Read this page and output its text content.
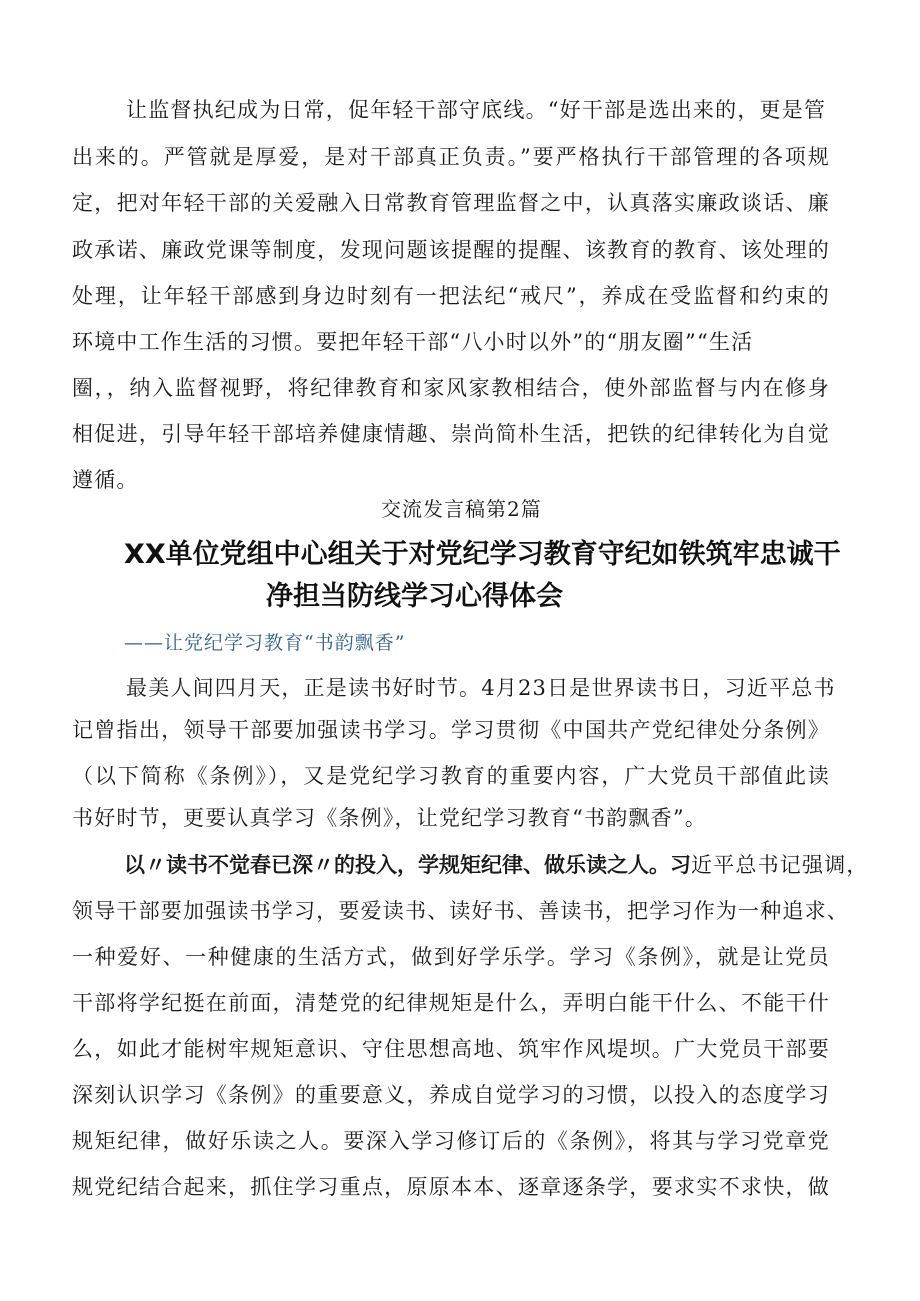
让监督执纪成为日常，促年轻干部守底线。“好干部是选出来的，更是管
出来的。严管就是厚爱，是对干部真正负责。”要严格执行干部管理的各项规
定，把对年轻干部的关爱融入日常教育管理监督之中，认真落实廉政谈话、廉
政承诺、廉政党课等制度，发现问题该提醒的提醒、该教育的教育、该处理的
处理，让年轻干部感到身边时刻有一把法纪“戒尺”，养成在受监督和约束的
环境中工作生活的习惯。要把年轻干部“八小时以外”的“朋友圈”“生活
圈，，纳入监督视野，将纪律教育和家风家教相结合，使外部监督与内在修身
相促进，引导年轻干部培养健康情趣、崇尚简朴生活，把铁的纪律转化为自觉
遵循。
交流发言稿第2篇
XX单位党组中心组关于对党纪学习教育守纪如铁筑牢忠诚干
净担当防线学习心得体会
——让党纪学习教育“书韵飘香”
最美人间四月天，正是读书好时节。4月23日是世界读书日，习近平总书
记曾指出，领导干部要加强读书学习。学习贯彻《中国共产党纪律处分条例》
（以下简称《条例》），又是党纪学习教育的重要内容，广大党员干部值此读
书好时节，更要认真学习《条例》，让党纪学习教育“书韵飘香”。
以〃读书不觉春已深〃的投入，学规矩纪律、做乐读之人。习近平总书记强调，
领导干部要加强读书学习，要爱读书、读好书、善读书，把学习作为一种追求、
一种爱好、一种健康的生活方式，做到好学乐学。学习《条例》，就是让党员
干部将学纪挺在前面，清楚党的纪律规矩是什么，弄明白能干什么、不能干什
么，如此才能树牢规矩意识、守住思想高地、筑牢作风堤坝。广大党员干部要
深刻认识学习《条例》的重要意义，养成自觉学习的习惯，以投入的态度学习
规矩纪律，做好乐读之人。要深入学习修订后的《条例》，将其与学习党章党
规党纪结合起来，抓住学习重点，原原本本、逐章逐条学，要求实不求快，做
